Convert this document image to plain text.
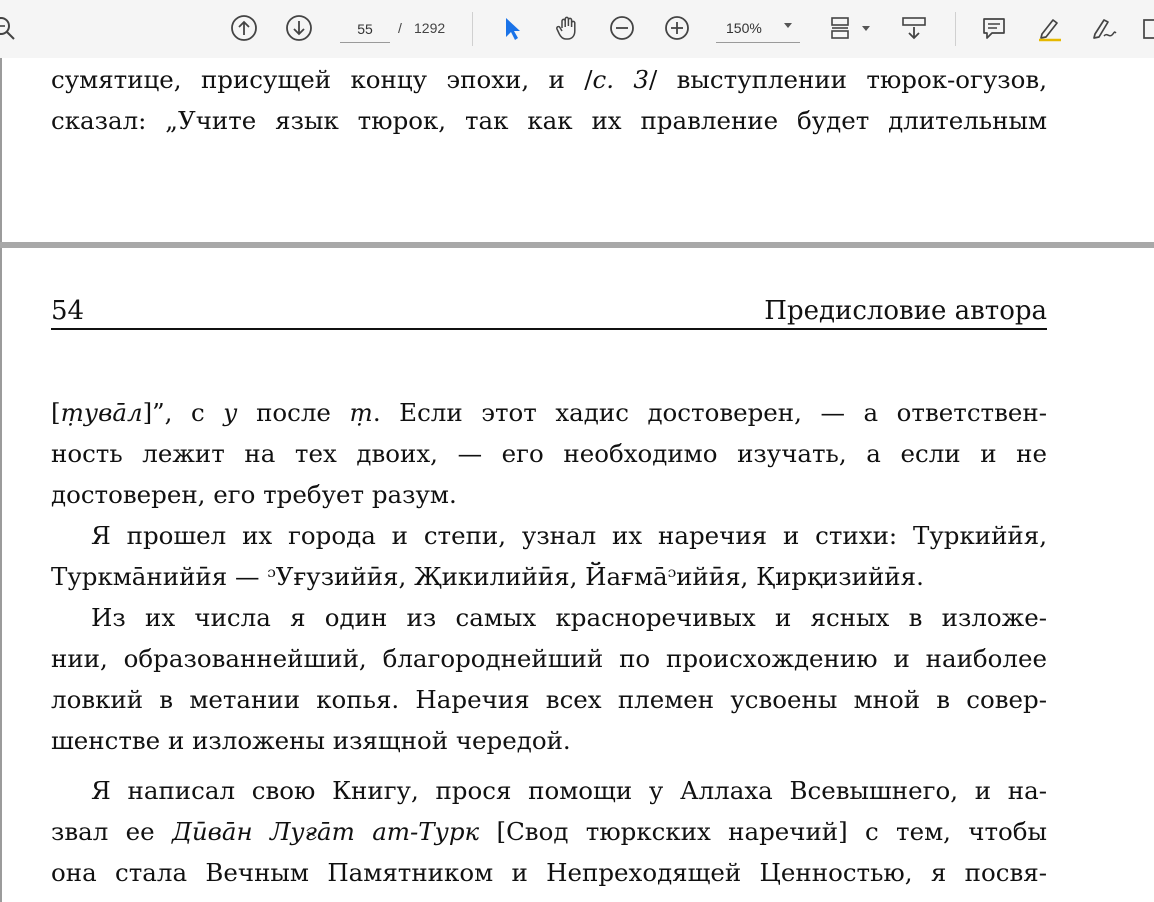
55
/ 1292	150%
сумятице, присущей концу эпохи, и /с. 3/ выступлении тюрок-огузов,
сказал: „Учите язык тюрок, так как их правление будет длительным
54	Предисловие автора
[ṃувāл]”, с у после ṃ. Если этот хадис достоверен, — а ответствен-
ность лежит на тех двоих, — его необходимо изучать, а если и не
достоверен, его требует разум.
Я прошел их города и степи, узнал их наречия и стихи: Туркийӣя,
Туркмāнийӣя — ᵓУғузийӣя, Җикилийӣя, Йағмāᵓийӣя, Қирқизийӣя.
Из их числа я один из самых красноречивых и ясных в изложе-
нии, образованнейший, благороднейший по происхождению и наиболее
ловкий в метании копья. Наречия всех племен усвоены мной в совер-
шенстве и изложены изящной чередой.
Я написал свою Книгу, прося помощи у Аллаха Всевышнего, и на-
звал ее Дӣвāн Луғāт ат-Турк [Свод тюркских наречий] с тем, чтобы
она стала Вечным Памятником и Непреходящей Ценностью, я посвя-
